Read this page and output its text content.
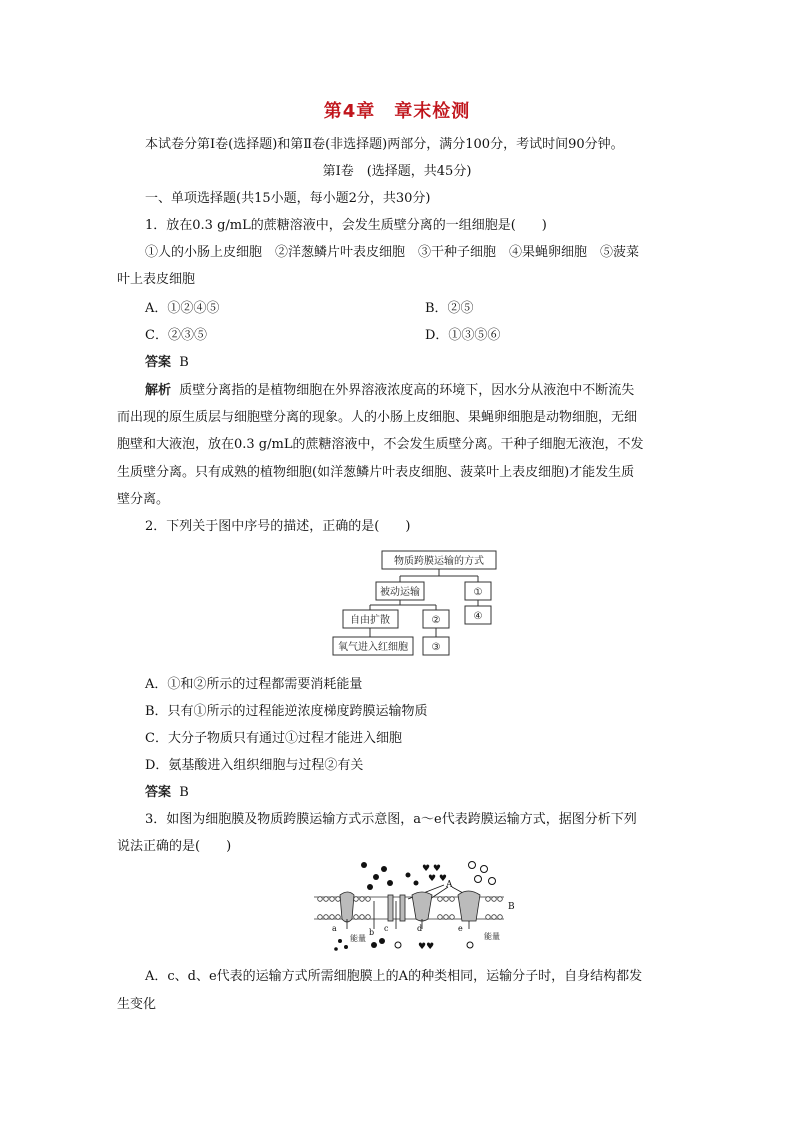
第4章　章末检测
本试卷分第Ⅰ卷(选择题)和第Ⅱ卷(非选择题)两部分，满分100分，考试时间90分钟。
第Ⅰ卷　(选择题，共45分)
一、单项选择题(共15小题，每小题2分，共30分)
1．放在0.3 g/mL的蔗糖溶液中，会发生质壁分离的一组细胞是(　　)
①人的小肠上皮细胞　②洋葱鳞片叶表皮细胞　③干种子细胞　④果蝇卵细胞　⑤菠菜
叶上表皮细胞
A．①②④⑤	B．②⑤
C．②③⑤	D．①③⑤⑥
答案 B
解析 质壁分离指的是植物细胞在外界溶液浓度高的环境下，因水分从液泡中不断流失
而出现的原生质层与细胞壁分离的现象。人的小肠上皮细胞、果蝇卵细胞是动物细胞，无细
胞壁和大液泡，放在0.3 g/mL的蔗糖溶液中，不会发生质壁分离。干种子细胞无液泡，不发
生质壁分离。只有成熟的植物细胞(如洋葱鳞片叶表皮细胞、菠菜叶上表皮细胞)才能发生质
壁分离。
2．下列关于图中序号的描述，正确的是(　　)
物质跨膜运输的方式
被动运输	①
自由扩散	②	④
氧气进入红细胞 ③
A．①和②所示的过程都需要消耗能量
B．只有①所示的过程能逆浓度梯度跨膜运输物质
C．大分子物质只有通过①过程才能进入细胞
D．氨基酸进入组织细胞与过程②有关
答案 B
3．如图为细胞膜及物质跨膜运输方式示意图，a～e代表跨膜运输方式，据图分析下列
说法正确的是(　　)
♥ ♥
♥ ♥
A
B
a	b c	d	e
能量	能量
♥♥
A．c、d、e代表的运输方式所需细胞膜上的A的种类相同，运输分子时，自身结构都发
生变化
